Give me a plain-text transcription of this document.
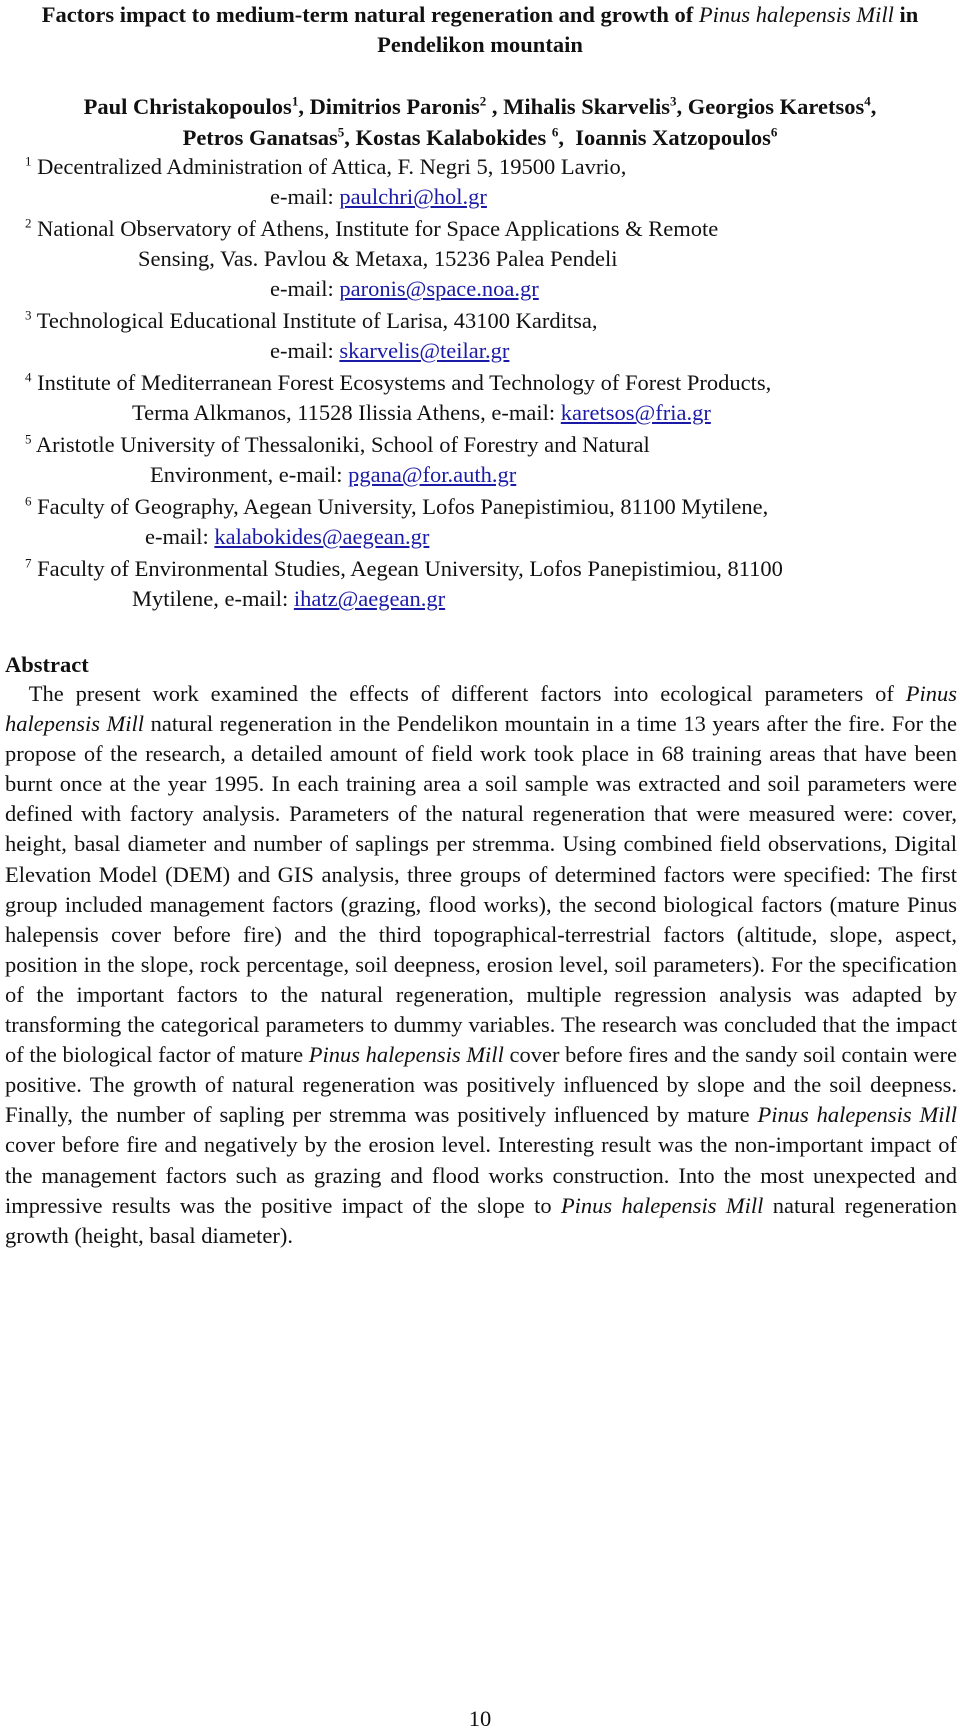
Factors impact to medium-term natural regeneration and growth of Pinus halepensis Mill in Pendelikon mountain

Paul Christakopoulos$^1$, Dimitrios Paronis$^2$ , Mihalis Skarvelis$^3$, Georgios Karetsos$^4$,
Petros Ganatsas$^5$, Kostas Kalabokides $^6$,  Ioannis Xatzopoulos$^6$

$^1$ Decentralized Administration of Attica, F. Negri 5, 19500 Lavrio,
e-mail: paulchri@hol.gr

$^2$ National Observatory of Athens, Institute for Space Applications & Remote
Sensing, Vas. Pavlou & Metaxa, 15236 Palea Pendeli
e-mail: paronis@space.noa.gr

$^3$ Technological Educational Institute of Larisa, 43100 Karditsa,
e-mail: skarvelis@teilar.gr

$^4$ Institute of Mediterranean Forest Ecosystems and Technology of Forest Products,
Terma Alkmanos, 11528 Ilissia Athens, e-mail: karetsos@fria.gr

$^5$ Aristotle University of Thessaloniki, School of Forestry and Natural
Environment, e-mail: pgana@for.auth.gr

$^6$ Faculty of Geography, Aegean University, Lofos Panepistimiou, 81100 Mytilene,
e-mail: kalabokides@aegean.gr

$^7$ Faculty of Environmental Studies, Aegean University, Lofos Panepistimiou, 81100
Mytilene, e-mail: ihatz@aegean.gr

Abstract

The present work examined the effects of different factors into ecological parameters of Pinus halepensis Mill natural regeneration in the Pendelikon mountain in a time 13 years after the fire. For the propose of the research, a detailed amount of field work took place in 68 training areas that have been burnt once at the year 1995. In each training area a soil sample was extracted and soil parameters were defined with factory analysis. Parameters of the natural regeneration that were measured were: cover, height, basal diameter and number of saplings per stremma. Using combined field observations, Digital Elevation Model (DEM) and GIS analysis, three groups of determined factors were specified: The first group included management factors (grazing, flood works), the second biological factors (mature Pinus halepensis cover before fire) and the third topographical-terrestrial factors (altitude, slope, aspect, position in the slope, rock percentage, soil deepness, erosion level, soil parameters). For the specification of the important factors to the natural regeneration, multiple regression analysis was adapted by transforming the categorical parameters to dummy variables. The research was concluded that the impact of the biological factor of mature Pinus halepensis Mill cover before fires and the sandy soil contain were positive. The growth of natural regeneration was positively influenced by slope and the soil deepness. Finally, the number of sapling per stremma was positively influenced by mature Pinus halepensis Mill cover before fire and negatively by the erosion level. Interesting result was the non-important impact of the management factors such as grazing and flood works construction. Into the most unexpected and impressive results was the positive impact of the slope to Pinus halepensis Mill natural regeneration growth (height, basal diameter).

10
